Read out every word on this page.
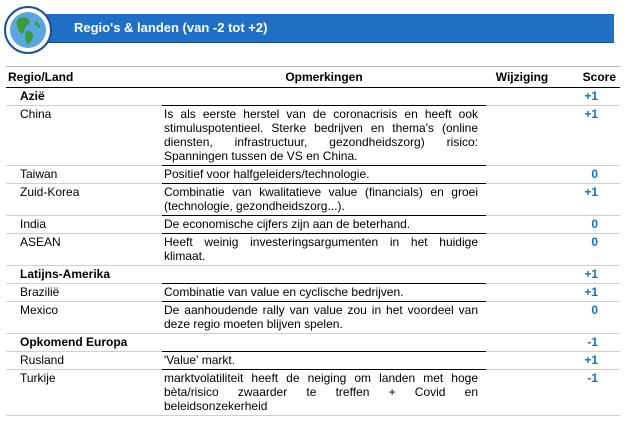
Regio's & landen (van -2 tot +2)
Regio/Land	Opmerkingen	Wijziging	Score
Azië			+1
China	Is als eerste herstel van de coronacrisis en heeft ook stimuluspotentieel. Sterke bedrijven en thema's (online diensten, infrastructuur, gezondheidszorg) risico: Spanningen tussen de VS en China.		+1
Taiwan	Positief voor halfgeleiders/technologie.		0
Zuid-Korea	Combinatie van kwalitatieve value (financials) en groei (technologie, gezondheidszorg...).		+1
India	De economische cijfers zijn aan de beterhand.		0
ASEAN	Heeft weinig investeringsargumenten in het huidige klimaat.		0
Latijns-Amerika			+1
Brazilië	Combinatie van value en cyclische bedrijven.		+1
Mexico	De aanhoudende rally van value zou in het voordeel van deze regio moeten blijven spelen.		0
Opkomend Europa			-1
Rusland	'Value' markt.		+1
Turkije	marktvolatiliteit heeft de neiging om landen met hoge bèta/risico zwaarder te treffen + Covid en beleidsonzekerheid		-1
